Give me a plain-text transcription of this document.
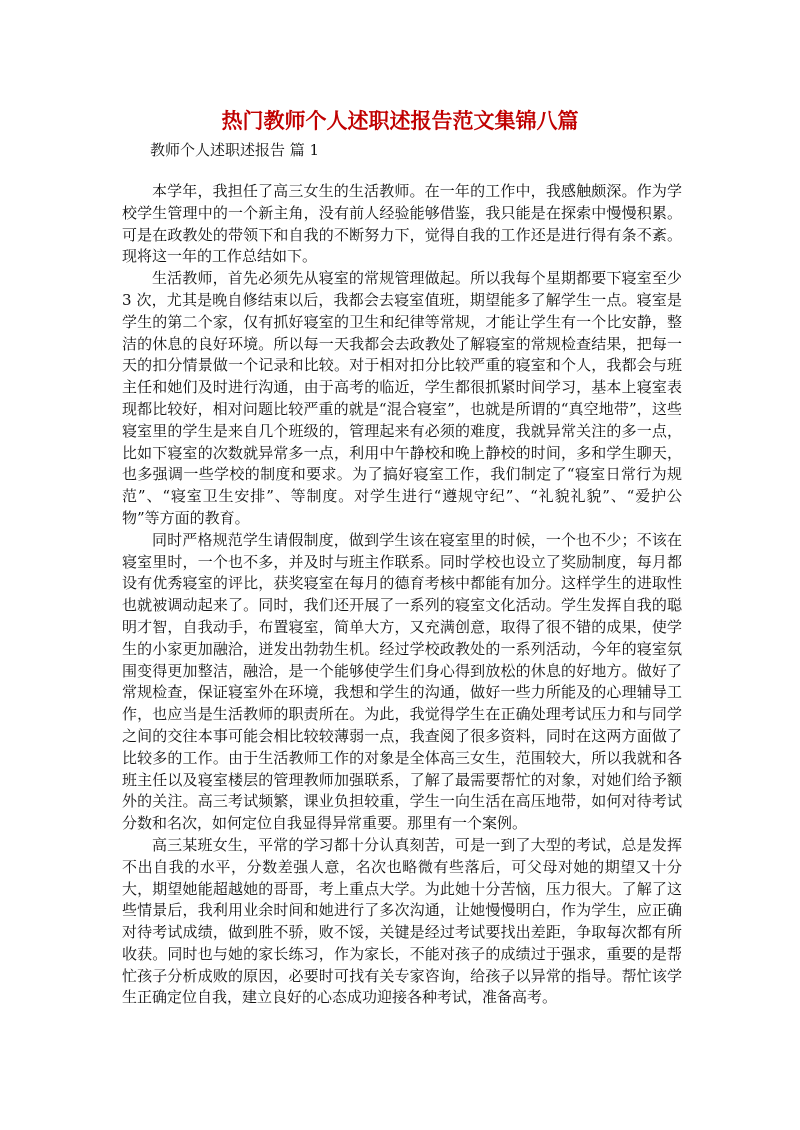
热门教师个人述职述报告范文集锦八篇
教师个人述职述报告 篇 1

本学年，我担任了高三女生的生活教师。在一年的工作中，我感触颇深。作为学校学生管理中的一个新主角，没有前人经验能够借鉴，我只能是在探索中慢慢积累。可是在政教处的带领下和自我的不断努力下，觉得自我的工作还是进行得有条不紊。现将这一年的工作总结如下。

生活教师，首先必须先从寝室的常规管理做起。所以我每个星期都要下寝室至少 3 次，尤其是晚自修结束以后，我都会去寝室值班，期望能多了解学生一点。寝室是学生的第二个家，仅有抓好寝室的卫生和纪律等常规，才能让学生有一个比安静，整洁的休息的良好环境。所以每一天我都会去政教处了解寝室的常规检查结果，把每一天的扣分情景做一个记录和比较。对于相对扣分比较严重的寝室和个人，我都会与班主任和她们及时进行沟通，由于高考的临近，学生都很抓紧时间学习，基本上寝室表现都比较好，相对问题比较严重的就是“混合寝室”，也就是所谓的“真空地带”，这些寝室里的学生是来自几个班级的，管理起来有必须的难度，我就异常关注的多一点，比如下寝室的次数就异常多一点，利用中午静校和晚上静校的时间，多和学生聊天，也多强调一些学校的制度和要求。为了搞好寝室工作，我们制定了“寝室日常行为规范”、“寝室卫生安排”、等制度。对学生进行“遵规守纪”、“礼貌礼貌”、“爱护公物”等方面的教育。

同时严格规范学生请假制度，做到学生该在寝室里的时候，一个也不少；不该在寝室里时，一个也不多，并及时与班主作联系。同时学校也设立了奖励制度，每月都设有优秀寝室的评比，获奖寝室在每月的德育考核中都能有加分。这样学生的进取性也就被调动起来了。同时，我们还开展了一系列的寝室文化活动。学生发挥自我的聪明才智，自我动手，布置寝室，简单大方，又充满创意，取得了很不错的成果，使学生的小家更加融洽，迸发出勃勃生机。经过学校政教处的一系列活动，今年的寝室氛围变得更加整洁，融洽，是一个能够使学生们身心得到放松的休息的好地方。做好了常规检查，保证寝室外在环境，我想和学生的沟通，做好一些力所能及的心理辅导工作，也应当是生活教师的职责所在。为此，我觉得学生在正确处理考试压力和与同学之间的交往本事可能会相比较较薄弱一点，我查阅了很多资料，同时在这两方面做了比较多的工作。由于生活教师工作的对象是全体高三女生，范围较大，所以我就和各班主任以及寝室楼层的管理教师加强联系，了解了最需要帮忙的对象，对她们给予额外的关注。高三考试频繁，课业负担较重，学生一向生活在高压地带，如何对待考试分数和名次，如何定位自我显得异常重要。那里有一个案例。

高三某班女生，平常的学习都十分认真刻苦，可是一到了大型的考试，总是发挥不出自我的水平，分数差强人意，名次也略微有些落后，可父母对她的期望又十分大，期望她能超越她的哥哥，考上重点大学。为此她十分苦恼，压力很大。了解了这些情景后，我利用业余时间和她进行了多次沟通，让她慢慢明白，作为学生，应正确对待考试成绩，做到胜不骄，败不馁，关键是经过考试要找出差距，争取每次都有所收获。同时也与她的家长练习，作为家长，不能对孩子的成绩过于强求，重要的是帮忙孩子分析成败的原因，必要时可找有关专家咨询，给孩子以异常的指导。帮忙该学生正确定位自我，建立良好的心态成功迎接各种考试，准备高考。
